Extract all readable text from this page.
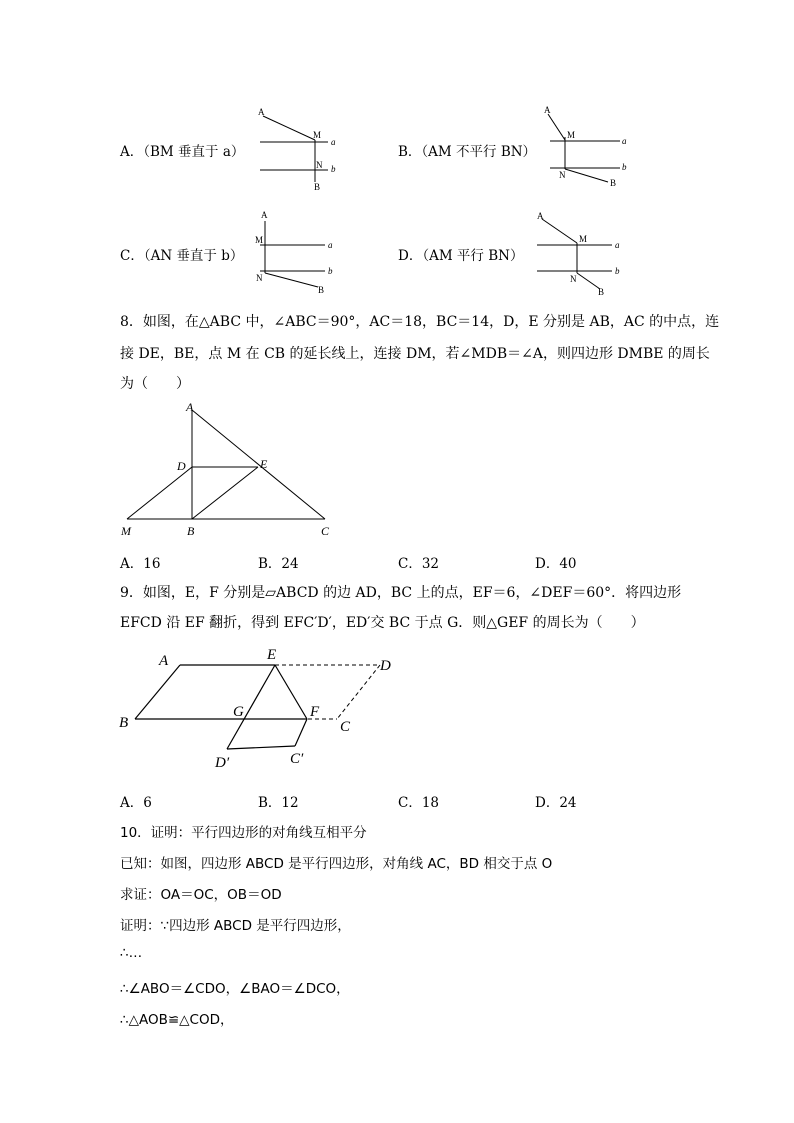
A．（BM 垂直于 a）	B．（AM 不平行 BN）
C．（AN 垂直于 b）	D．（AM 平行 BN）
A
M
a
N b
B
A
M
a
N
b
B
A
M	a
N
b
B
A
M
a
N
b
B
8．如图，在△ABC 中，∠ABC＝90°，AC＝18，BC＝14，D，E 分别是 AB，AC 的中点，连
接 DE，BE，点 M 在 CB 的延长线上，连接 DM，若∠MDB＝∠A，则四边形 DMBE 的周长
为（　　）
A
D	E
M	B	C
A．16	B．24	C．32	D．40
9．如图，E，F 分别是▱ABCD 的边 AD，BC 上的点，EF＝6，∠DEF＝60°．将四边形
EFCD 沿 EF 翻折，得到 EFC′D′，ED′交 BC 于点 G．则△GEF 的周长为（　　）
A	E
D
B
G	F
C
D′	C′
A．6	B．12	C．18	D．24
10．证明：平行四边形的对角线互相平分
已知：如图，四边形 ABCD 是平行四边形，对角线 AC，BD 相交于点 O
求证：OA＝OC，OB＝OD
证明：∵四边形 ABCD 是平行四边形，
∴…
∴∠ABO＝∠CDO，∠BAO＝∠DCO，
∴△AOB≌△COD，
